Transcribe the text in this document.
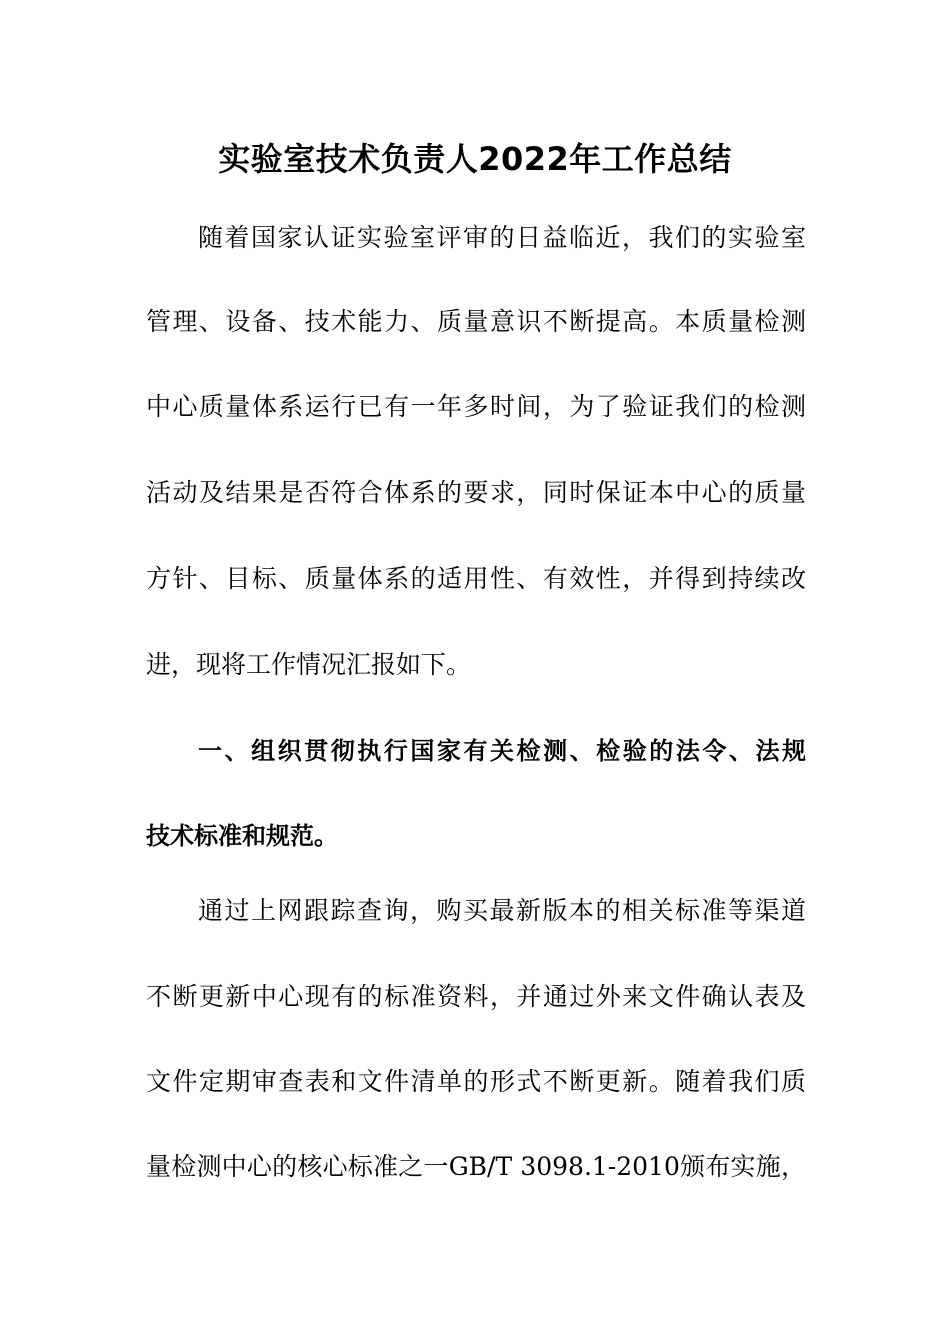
实验室技术负责人2022年工作总结
随着国家认证实验室评审的日益临近，我们的实验室
管理、设备、技术能力、质量意识不断提高。本质量检测
中心质量体系运行已有一年多时间，为了验证我们的检测
活动及结果是否符合体系的要求，同时保证本中心的质量
方针、目标、质量体系的适用性、有效性，并得到持续改
进，现将工作情况汇报如下。
一、组织贯彻执行国家有关检测、检验的法令、法规
技术标准和规范。
通过上网跟踪查询，购买最新版本的相关标准等渠道
不断更新中心现有的标准资料，并通过外来文件确认表及
文件定期审查表和文件清单的形式不断更新。随着我们质
量检测中心的核心标准之一GB/T 3098.1-2010颁布实施，
